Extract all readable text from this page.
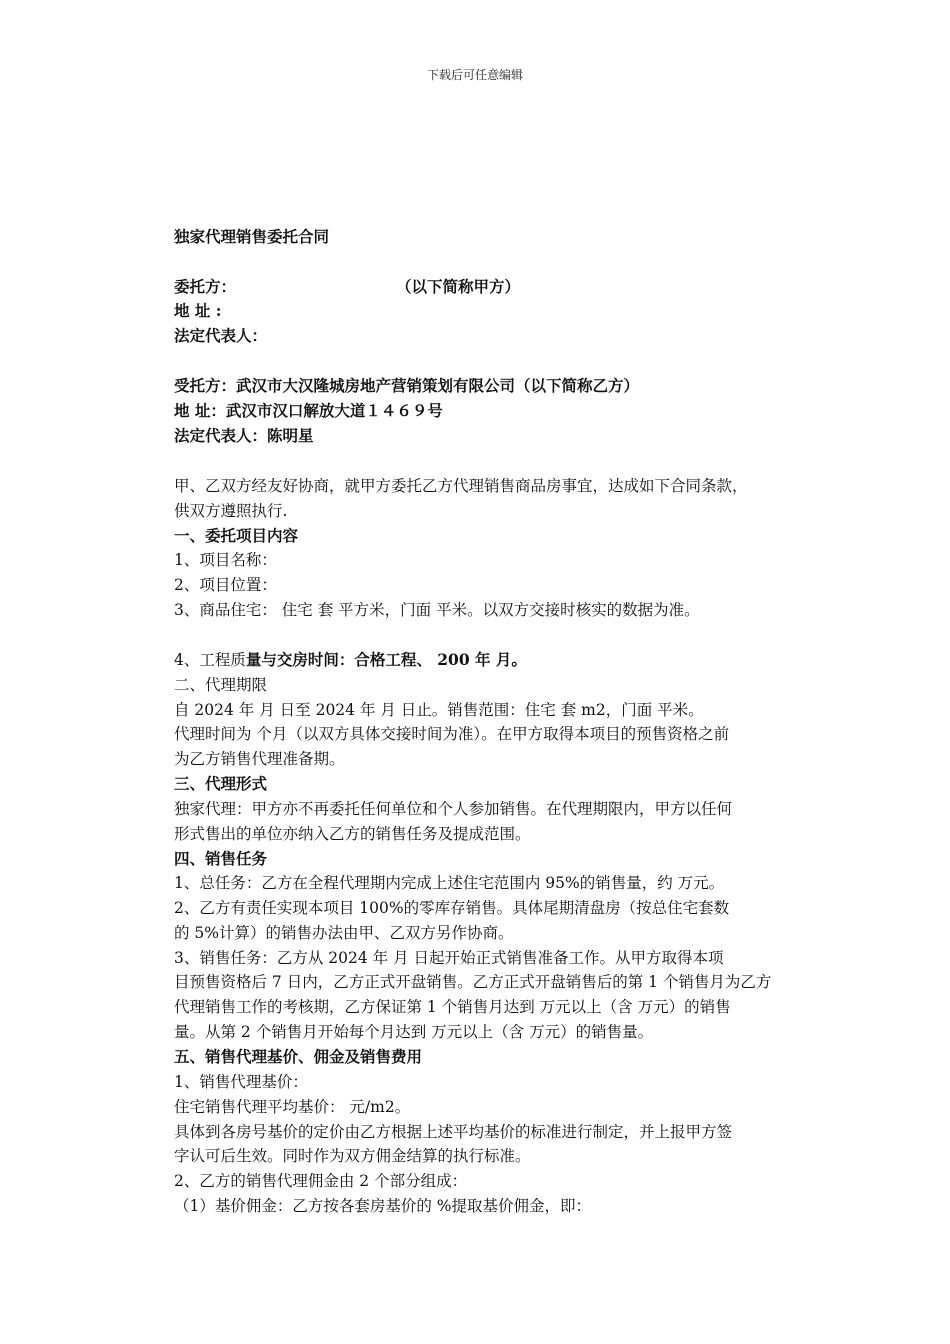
下载后可任意编辑
独家代理销售委托合同
委托方：	（以下简称甲方）
地 址 :
法定代表人：
受托方：武汉市大汉隆城房地产营销策划有限公司（以下简称乙方）
地 址：武汉市汉口解放大道１４６９号
法定代表人：陈明星
甲、乙双方经友好协商，就甲方委托乙方代理销售商品房事宜，达成如下合同条款，
供双方遵照执行.
一、委托项目内容
1、项目名称：
2、项目位置：
3、商品住宅： 住宅 套 平方米，门面 平米。以双方交接时核实的数据为准。
4、工程质量与交房时间：合格工程、 200 年 月。
二、代理期限
自 2024 年 月 日至 2024 年 月 日止。销售范围：住宅 套 m2，门面 平米。
代理时间为 个月（以双方具体交接时间为准）。在甲方取得本项目的预售资格之前
为乙方销售代理准备期。
三、代理形式
独家代理：甲方亦不再委托任何单位和个人参加销售。在代理期限内，甲方以任何
形式售出的单位亦纳入乙方的销售任务及提成范围。
四、销售任务
1、总任务：乙方在全程代理期内完成上述住宅范围内 95%的销售量，约 万元。
2、乙方有责任实现本项目 100%的零库存销售。具体尾期清盘房（按总住宅套数
的 5%计算）的销售办法由甲、乙双方另作协商。
3、销售任务：乙方从 2024 年 月 日起开始正式销售准备工作。从甲方取得本项
目预售资格后 7 日内，乙方正式开盘销售。乙方正式开盘销售后的第 1 个销售月为乙方
代理销售工作的考核期，乙方保证第 1 个销售月达到 万元以上（含 万元）的销售
量。从第 2 个销售月开始每个月达到 万元以上（含 万元）的销售量。
五、销售代理基价、佣金及销售费用
1、销售代理基价：
住宅销售代理平均基价： 元/m2。
具体到各房号基价的定价由乙方根据上述平均基价的标准进行制定，并上报甲方签
字认可后生效。同时作为双方佣金结算的执行标准。
2、乙方的销售代理佣金由 2 个部分组成：
（1）基价佣金：乙方按各套房基价的 %提取基价佣金，即：
